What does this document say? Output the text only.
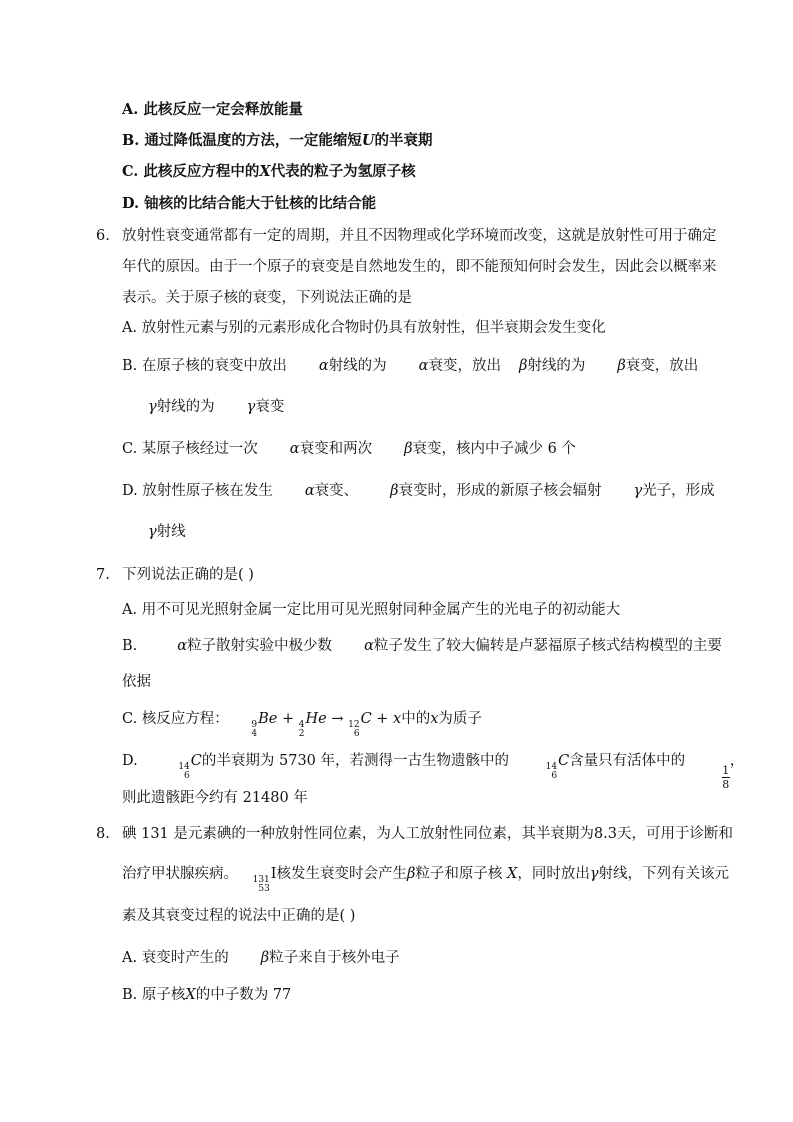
A. 此核反应一定会释放能量
B. 通过降低温度的方法，一定能缩短U的半衰期
C. 此核反应方程中的X代表的粒子为氢原子核
D. 铀核的比结合能大于钍核的比结合能
6. 放射性衰变通常都有一定的周期，并且不因物理或化学环境而改变，这就是放射性可用于确定
年代的原因。由于一个原子的衰变是自然地发生的，即不能预知何时会发生，因此会以概率来
表示。关于原子核的衰变，下列说法正确的是
A. 放射性元素与别的元素形成化合物时仍具有放射性，但半衰期会发生变化
B. 在原子核的衰变中放出 α射线的为 α衰变，放出 β射线的为 β衰变，放出
γ射线的为 γ衰变
C. 某原子核经过一次 α衰变和两次 β衰变，核内中子减少 6 个
D. 放射性原子核在发生 α衰变、 β衰变时，形成的新原子核会辐射 γ光子，形成
γ射线
7. 下列说法正确的是( )
A. 用不可见光照射金属一定比用可见光照射同种金属产生的光电子的初动能大
B.	α粒子散射实验中极少数 α粒子发生了较大偏转是卢瑟福原子核式结构模型的主要
依据
C. 核反应方程：	9
4
Be + 4
2
He → 12
6
C + x中的x为质子
D.	14
6
C的半衰期为 5730 年，若测得一古生物遗骸中的	14
6
C含量只有活体中的
$\frac{1}{8}$
，
则此遗骸距今约有 21480 年
8. 碘 131 是元素碘的一种放射性同位素，为人工放射性同位素，其半衰期为8.3天，可用于诊断和
治疗甲状腺疾病。 131
53
I核发生衰变时会产生β粒子和原子核 X，同时放出γ射线，下列有关该元
素及其衰变过程的说法中正确的是( )
A. 衰变时产生的 β粒子来自于核外电子
B. 原子核X的中子数为 77
